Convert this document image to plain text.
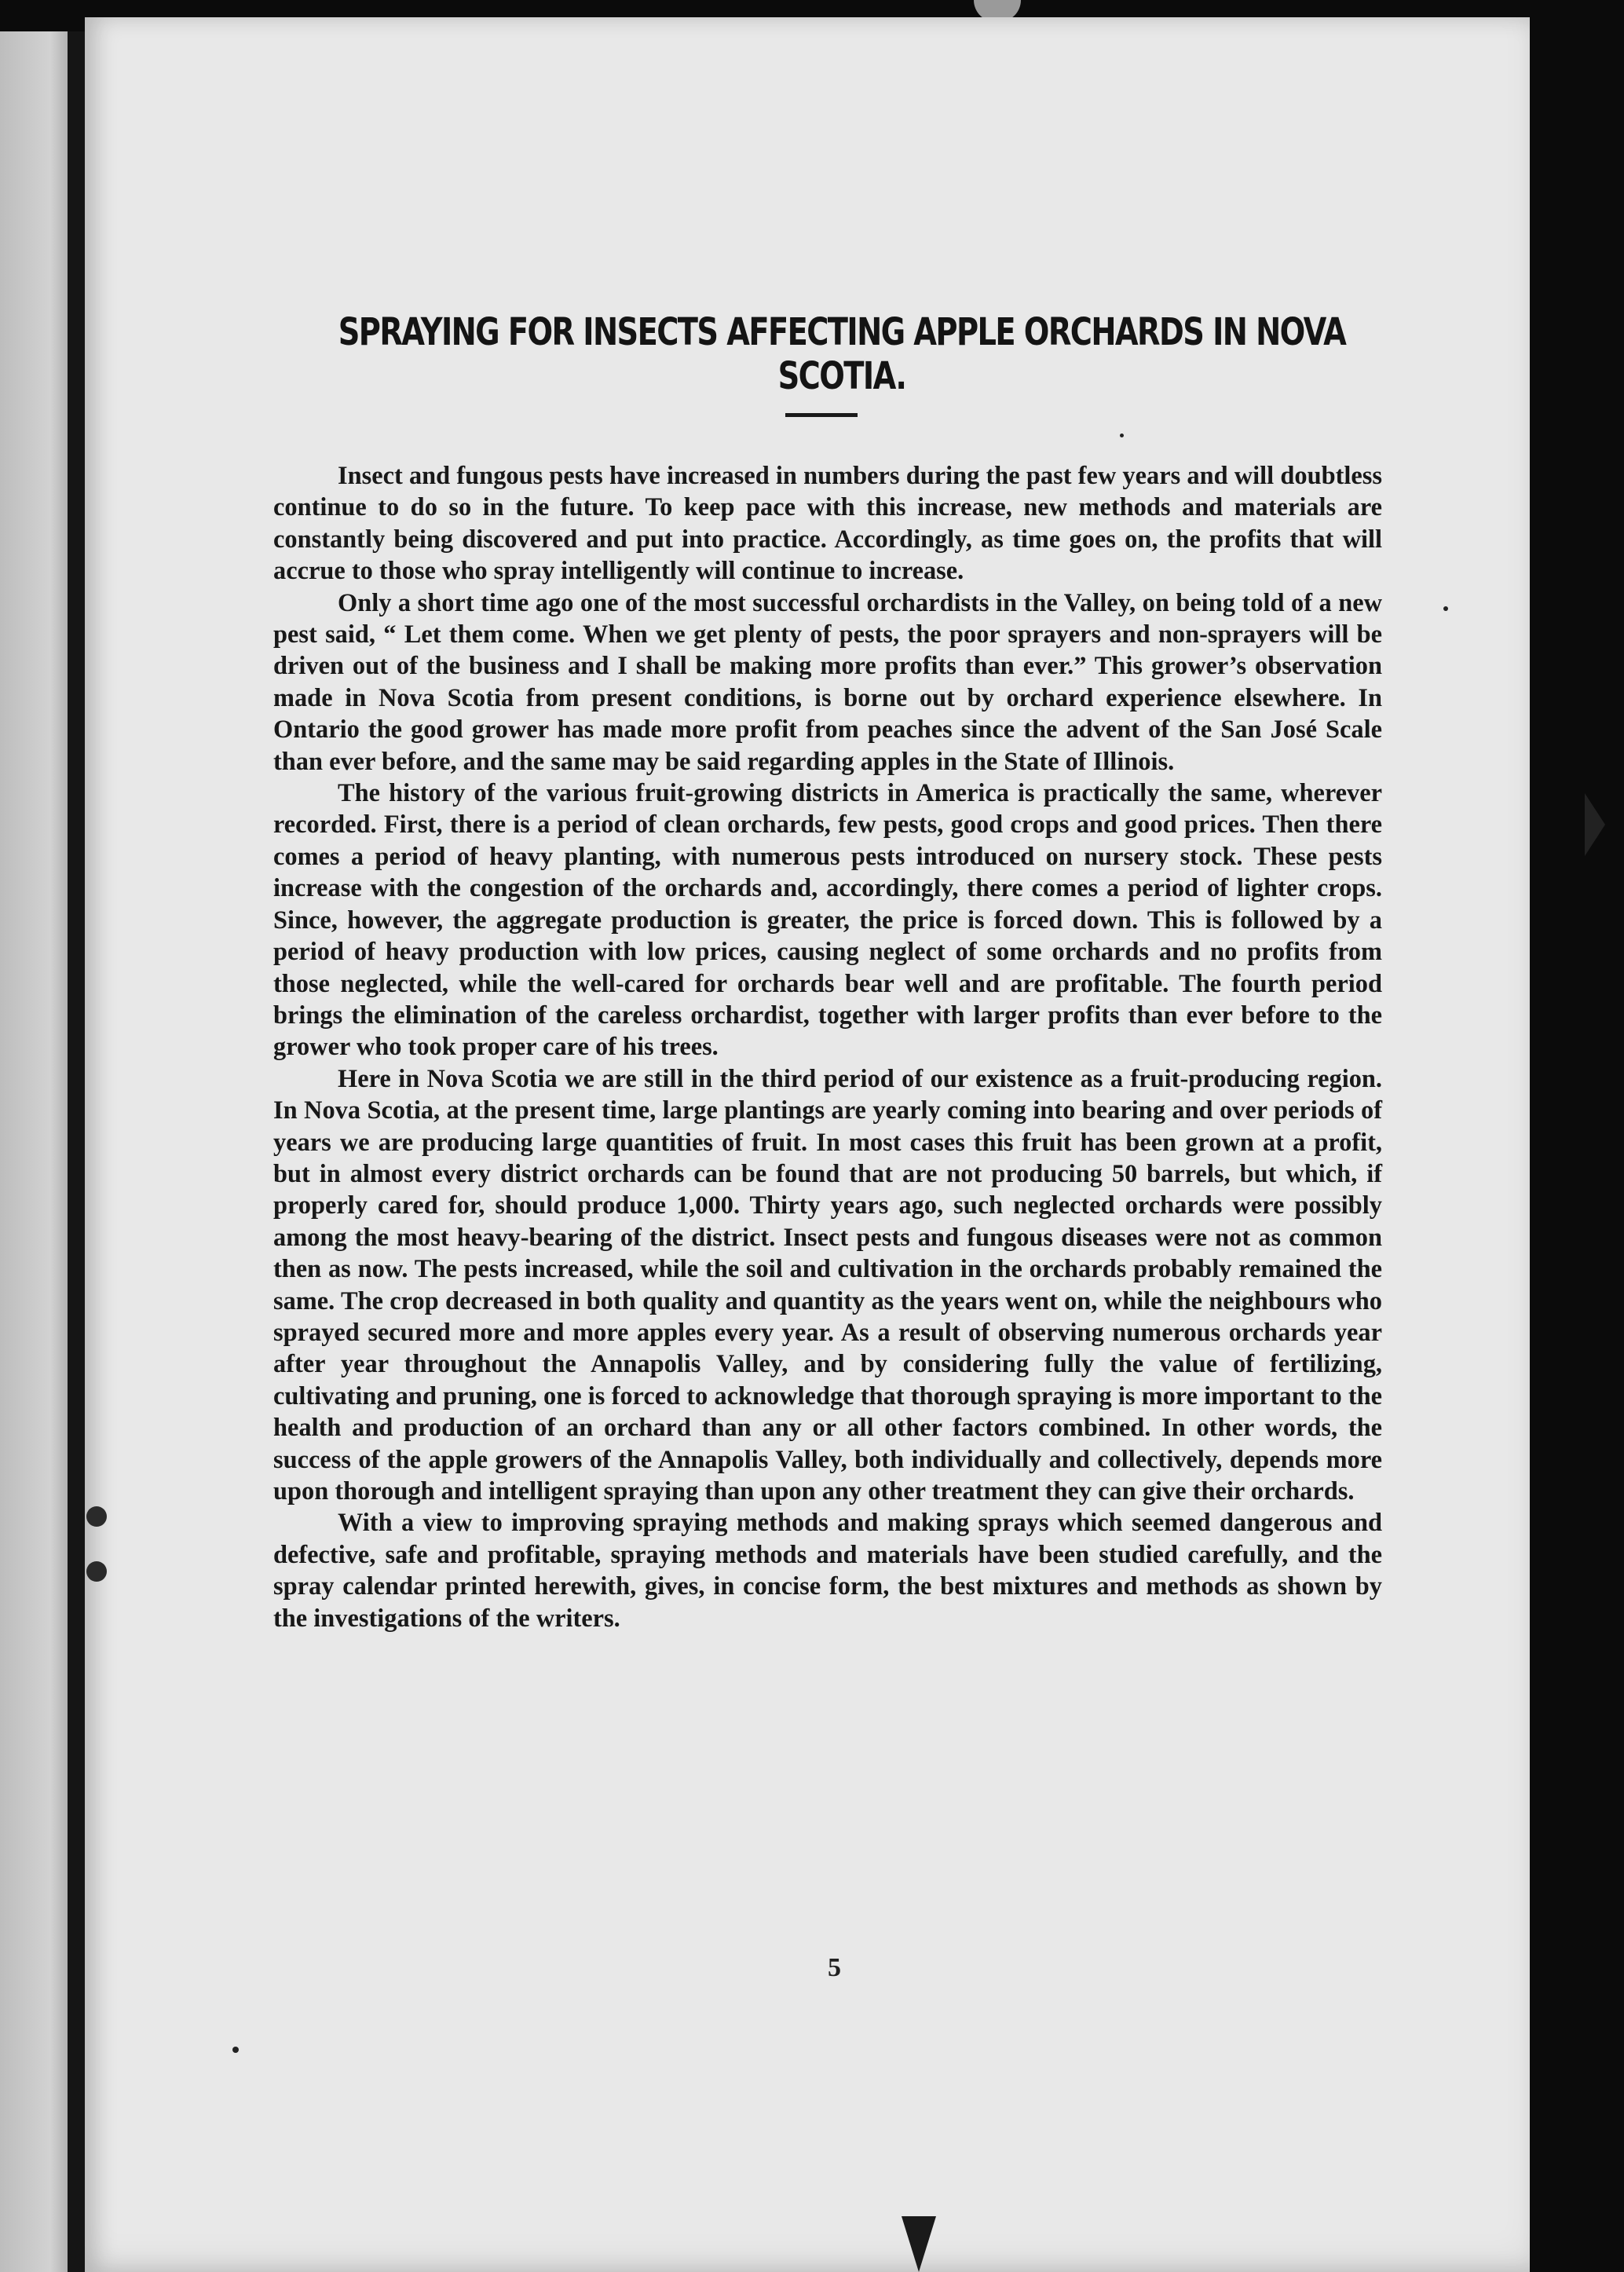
SPRAYING FOR INSECTS AFFECTING APPLE ORCHARDS IN NOVA SCOTIA.

Insect and fungous pests have increased in numbers during the past few years and will doubtless continue to do so in the future. To keep pace with this increase, new methods and materials are constantly being discovered and put into practice. Accordingly, as time goes on, the profits that will accrue to those who spray intelligently will continue to increase.

Only a short time ago one of the most successful orchardists in the Valley, on being told of a new pest said, “ Let them come. When we get plenty of pests, the poor sprayers and non-sprayers will be driven out of the business and I shall be making more profits than ever.” This grower’s observation made in Nova Scotia from present conditions, is borne out by orchard experience elsewhere. In Ontario the good grower has made more profit from peaches since the advent of the San José Scale than ever before, and the same may be said regarding apples in the State of Illinois.

The history of the various fruit-growing districts in America is practically the same, wherever recorded. First, there is a period of clean orchards, few pests, good crops and good prices. Then there comes a period of heavy planting, with numerous pests introduced on nursery stock. These pests increase with the congestion of the orchards and, accordingly, there comes a period of lighter crops. Since, however, the aggregate production is greater, the price is forced down. This is followed by a period of heavy production with low prices, causing neglect of some orchards and no profits from those neglected, while the well-cared for orchards bear well and are profitable. The fourth period brings the elimination of the careless orchardist, together with larger profits than ever before to the grower who took proper care of his trees.

Here in Nova Scotia we are still in the third period of our existence as a fruit-producing region. In Nova Scotia, at the present time, large plantings are yearly coming into bearing and over periods of years we are producing large quantities of fruit. In most cases this fruit has been grown at a profit, but in almost every district orchards can be found that are not producing 50 barrels, but which, if properly cared for, should produce 1,000. Thirty years ago, such neglected orchards were possibly among the most heavy-bearing of the district. Insect pests and fungous diseases were not as common then as now. The pests increased, while the soil and cultivation in the orchards probably remained the same. The crop decreased in both quality and quantity as the years went on, while the neighbours who sprayed secured more and more apples every year. As a result of observing numerous orchards year after year throughout the Annapolis Valley, and by considering fully the value of fertilizing, cultivating and pruning, one is forced to acknowledge that thorough spraying is more important to the health and production of an orchard than any or all other factors combined. In other words, the success of the apple growers of the Annapolis Valley, both individually and collectively, depends more upon thorough and intelligent spraying than upon any other treatment they can give their orchards.

With a view to improving spraying methods and making sprays which seemed dangerous and defective, safe and profitable, spraying methods and materials have been studied carefully, and the spray calendar printed herewith, gives, in concise form, the best mixtures and methods as shown by the investigations of the writers.

5
